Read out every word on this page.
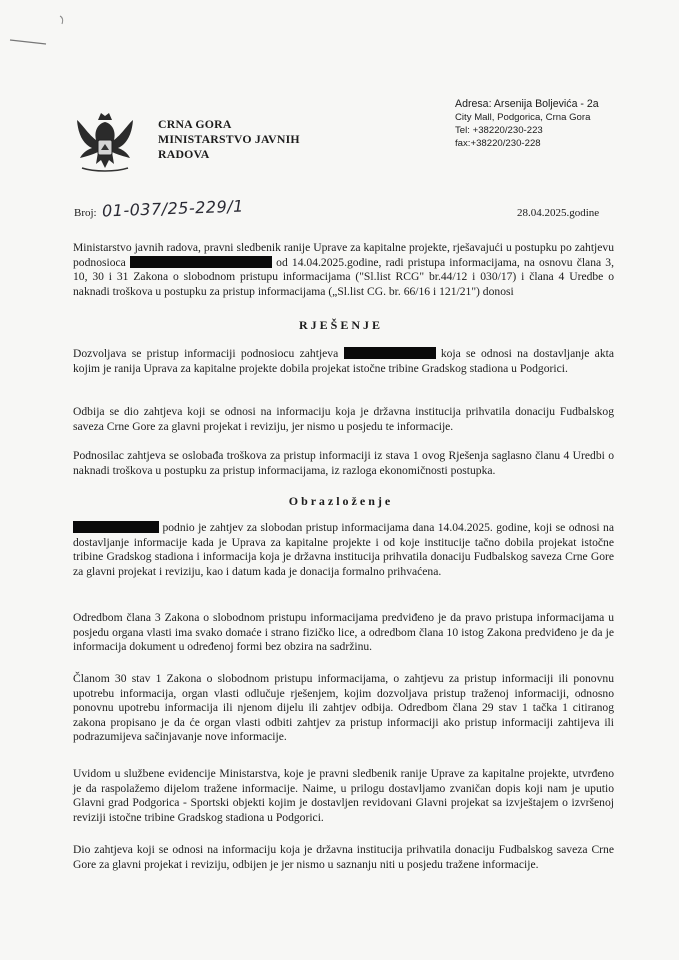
CRNA GORA
MINISTARSTVO JAVNIH
RADOVA
Adresa: Arsenija Boljevića - 2a
City Mall, Podgorica, Crna Gora
Tel: +38220/230-223
fax:+38220/230-228
Broj: 01-037/25-229/1	28.04.2025.godine
Ministarstvo javnih radova, pravni sledbenik ranije Uprave za kapitalne projekte, rješavajući u postupku po zahtjevu podnosioca	od 14.04.2025.godine, radi pristupa informacijama, na osnovu člana 3, 10, 30 i 31 Zakona o slobodnom pristupu informacijama ("Sl.list RCG" br.44/12 i 030/17) i člana 4 Uredbe o naknadi troškova u postupku za pristup informacijama („Sl.list CG. br. 66/16 i 121/21") donosi
R J E Š E N J E
Dozvoljava se pristup informaciji podnosiocu zahtjeva	koja se odnosi na dostavljanje akta kojim je ranija Uprava za kapitalne projekte dobila projekat istočne tribine Gradskog stadiona u Podgorici.
Odbija se dio zahtjeva koji se odnosi na informaciju koja je državna institucija prihvatila donaciju Fudbalskog saveza Crne Gore za glavni projekat i reviziju, jer nismo u posjedu te informacije.
Podnosilac zahtjeva se oslobađa troškova za pristup informaciji iz stava 1 ovog Rješenja saglasno članu 4 Uredbi o naknadi troškova u postupku za pristup informacijama, iz razloga ekonomičnosti postupka.
O b r a z l o ž e n j e
podnio je zahtjev za slobodan pristup informacijama dana 14.04.2025. godine, koji se odnosi na dostavljanje informacije kada je Uprava za kapitalne projekte i od koje institucije tačno dobila projekat istočne tribine Gradskog stadiona i informacija koja je državna institucija prihvatila donaciju Fudbalskog saveza Crne Gore za glavni projekat i reviziju, kao i datum kada je donacija formalno prihvaćena.
Odredbom člana 3 Zakona o slobodnom pristupu informacijama predviđeno je da pravo pristupa informacijama u posjedu organa vlasti ima svako domaće i strano fizičko lice, a odredbom člana 10 istog Zakona predviđeno je da je informacija dokument u određenoj formi bez obzira na sadržinu.
Članom 30 stav 1 Zakona o slobodnom pristupu informacijama, o zahtjevu za pristup informaciji ili ponovnu upotrebu informacija, organ vlasti odlučuje rješenjem, kojim dozvoljava pristup traženoj informaciji, odnosno ponovnu upotrebu informacija ili njenom dijelu ili zahtjev odbija. Odredbom člana 29 stav 1 tačka 1 citiranog zakona propisano je da će organ vlasti odbiti zahtjev za pristup informaciji ako pristup informaciji zahtijeva ili podrazumijeva sačinjavanje nove informacije.
Uvidom u službene evidencije Ministarstva, koje je pravni sledbenik ranije Uprave za kapitalne projekte, utvrđeno je da raspolažemo dijelom tražene informacije. Naime, u prilogu dostavljamo zvaničan dopis koji nam je uputio Glavni grad Podgorica - Sportski objekti kojim je dostavljen revidovani Glavni projekat sa izvještajem o izvršenoj reviziji istočne tribine Gradskog stadiona u Podgorici.
Dio zahtjeva koji se odnosi na informaciju koja je državna institucija prihvatila donaciju Fudbalskog saveza Crne Gore za glavni projekat i reviziju, odbijen je jer nismo u saznanju niti u posjedu tražene informacije.
